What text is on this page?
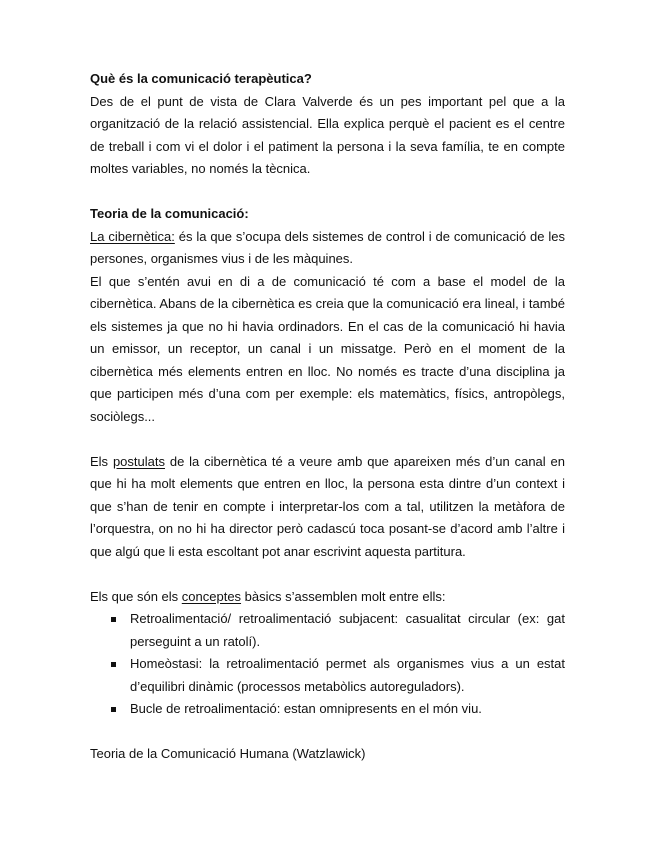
Què és la comunicació terapèutica?

Des de el punt de vista de Clara Valverde és un pes important pel que a la organització de la relació assistencial. Ella explica perquè el pacient es el centre de treball i com vi el dolor i el patiment la persona i la seva família, te en compte moltes variables, no només la tècnica.

Teoria de la comunicació:

La cibernètica: és la que s’ocupa dels sistemes de control i de comunicació de les persones, organismes vius i de les màquines.

El que s’entén avui en di a de comunicació té com a base el model de la cibernètica. Abans de la cibernètica es creia que la comunicació era lineal, i també els sistemes ja que no hi havia ordinadors. En el cas de la comunicació hi havia un emissor, un receptor, un canal i un missatge. Però en el moment de la cibernètica més elements entren en lloc. No només es tracte d’una disciplina ja que participen més d’una com per exemple: els matemàtics, físics, antropòlegs, sociòlegs...

Els postulats de la cibernètica té a veure amb que apareixen més d’un canal en que hi ha molt elements que entren en lloc, la persona esta dintre d’un context i que s’han de tenir en compte i interpretar-los com a tal, utilitzen la metàfora de l’orquestra, on no hi ha director però cadascú toca posant-se d’acord amb l’altre i que algú que li esta escoltant pot anar escrivint aquesta partitura.

Els que són els conceptes bàsics s’assemblen molt entre ells:

Retroalimentació/ retroalimentació subjacent: casualitat circular (ex: gat perseguint a un ratolí).
Homeòstasi: la retroalimentació permet als organismes vius a un estat d’equilibri dinàmic (processos metabòlics autoreguladors).
Bucle de retroalimentació: estan omnipresents en el món viu.

Teoria de la Comunicació Humana (Watzlawick)
